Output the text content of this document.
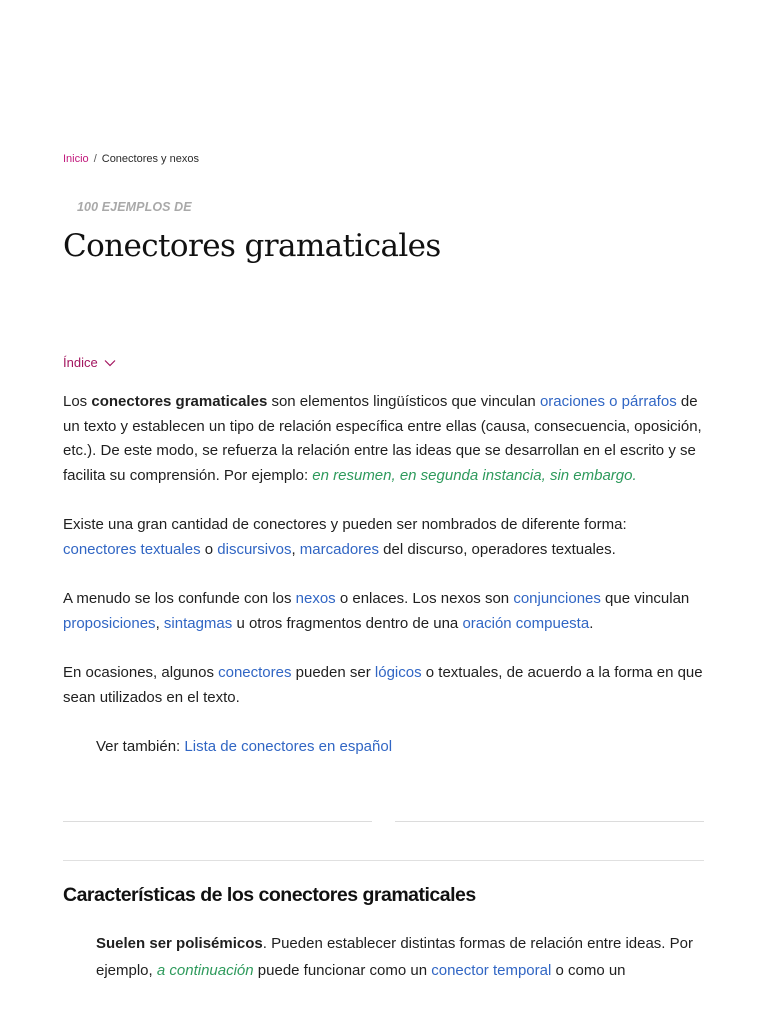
Inicio / Conectores y nexos
100 EJEMPLOS DE
Conectores gramaticales
Índice

Los conectores gramaticales son elementos lingüísticos que vinculan oraciones o párrafos de un texto y establecen un tipo de relación específica entre ellas (causa, consecuencia, oposición, etc.). De este modo, se refuerza la relación entre las ideas que se desarrollan en el escrito y se facilita su comprensión. Por ejemplo: en resumen, en segunda instancia, sin embargo.

Existe una gran cantidad de conectores y pueden ser nombrados de diferente forma: conectores textuales o discursivos, marcadores del discurso, operadores textuales.

A menudo se los confunde con los nexos o enlaces. Los nexos son conjunciones que vinculan proposiciones, sintagmas u otros fragmentos dentro de una oración compuesta.

En ocasiones, algunos conectores pueden ser lógicos o textuales, de acuerdo a la forma en que sean utilizados en el texto.

Ver también: Lista de conectores en español

Características de los conectores gramaticales

Suelen ser polisémicos. Pueden establecer distintas formas de relación entre ideas. Por ejemplo, a continuación puede funcionar como un conector temporal o como un
